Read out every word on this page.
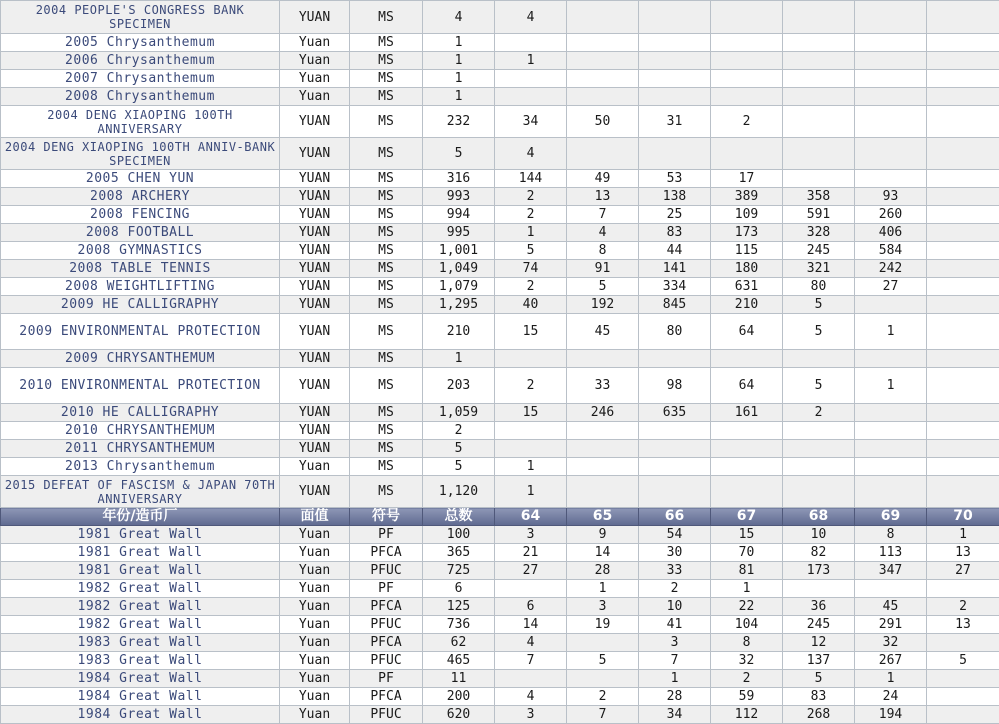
2004 PEOPLE'S CONGRESS BANK SPECIMEN	YUAN	MS	4	4						
2005 Chrysanthemum	Yuan	MS	1							
2006 Chrysanthemum	Yuan	MS	1	1						
2007 Chrysanthemum	Yuan	MS	1							
2008 Chrysanthemum	Yuan	MS	1							
2004 DENG XIAOPING 100TH ANNIVERSARY	YUAN	MS	232	34	50	31	2			
2004 DENG XIAOPING 100TH ANNIV-BANK SPECIMEN	YUAN	MS	5	4						
2005 CHEN YUN	YUAN	MS	316	144	49	53	17			
2008 ARCHERY	YUAN	MS	993	2	13	138	389	358	93	
2008 FENCING	YUAN	MS	994	2	7	25	109	591	260	
2008 FOOTBALL	YUAN	MS	995	1	4	83	173	328	406	
2008 GYMNASTICS	YUAN	MS	1,001	5	8	44	115	245	584	
2008 TABLE TENNIS	YUAN	MS	1,049	74	91	141	180	321	242	
2008 WEIGHTLIFTING	YUAN	MS	1,079	2	5	334	631	80	27	
2009 HE CALLIGRAPHY	YUAN	MS	1,295	40	192	845	210	5		
2009 ENVIRONMENTAL PROTECTION	YUAN	MS	210	15	45	80	64	5	1	
2009 CHRYSANTHEMUM	YUAN	MS	1							
2010 ENVIRONMENTAL PROTECTION	YUAN	MS	203	2	33	98	64	5	1	
2010 HE CALLIGRAPHY	YUAN	MS	1,059	15	246	635	161	2		
2010 CHRYSANTHEMUM	YUAN	MS	2							
2011 CHRYSANTHEMUM	YUAN	MS	5							
2013 Chrysanthemum	Yuan	MS	5	1						
2015 DEFEAT OF FASCISM & JAPAN 70TH ANNIVERSARY	YUAN	MS	1,120	1						
年份/造币厂	面值	符号	总数	64	65	66	67	68	69	70
1981 Great Wall	Yuan	PF	100	3	9	54	15	10	8	1
1981 Great Wall	Yuan	PFCA	365	21	14	30	70	82	113	13
1981 Great Wall	Yuan	PFUC	725	27	28	33	81	173	347	27
1982 Great Wall	Yuan	PF	6		1	2	1			
1982 Great Wall	Yuan	PFCA	125	6	3	10	22	36	45	2
1982 Great Wall	Yuan	PFUC	736	14	19	41	104	245	291	13
1983 Great Wall	Yuan	PFCA	62	4		3	8	12	32	
1983 Great Wall	Yuan	PFUC	465	7	5	7	32	137	267	5
1984 Great Wall	Yuan	PF	11			1	2	5	1	
1984 Great Wall	Yuan	PFCA	200	4	2	28	59	83	24	
1984 Great Wall	Yuan	PFUC	620	3	7	34	112	268	194	
